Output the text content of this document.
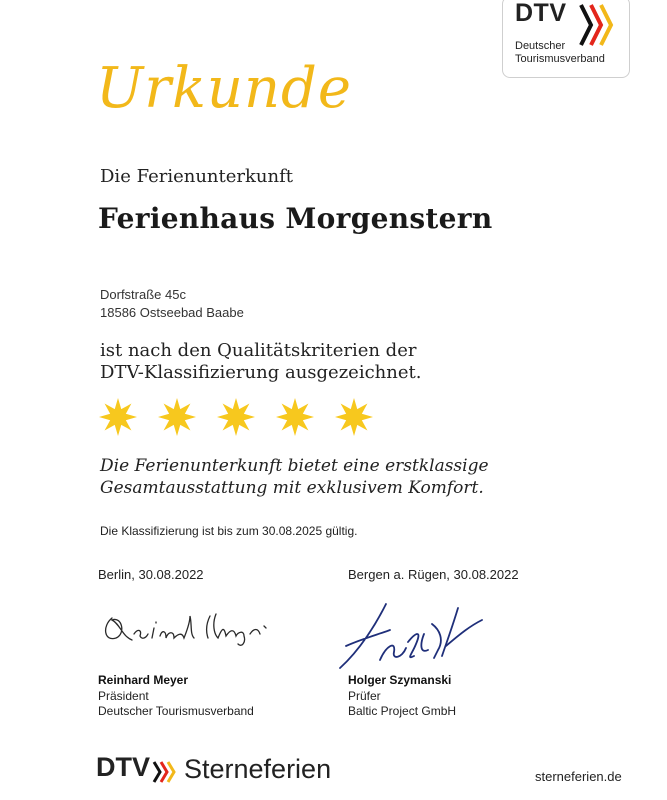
DTV
Deutscher
Tourismusverband
Urkunde
Die Ferienunterkunft
Ferienhaus Morgenstern
Dorfstraße 45c
18586 Ostseebad Baabe
ist nach den Qualitätskriterien der
DTV-Klassifizierung ausgezeichnet.
Die Ferienunterkunft bietet eine erstklassige
Gesamtausstattung mit exklusivem Komfort.
Die Klassifizierung ist bis zum 30.08.2025 gültig.
Berlin, 30.08.2022	Bergen a. Rügen, 30.08.2022
Reinhard Meyer
Präsident
Deutscher Tourismusverband
Holger Szymanski
Prüfer
Baltic Project GmbH
DTV Sterneferien	sterneferien.de
